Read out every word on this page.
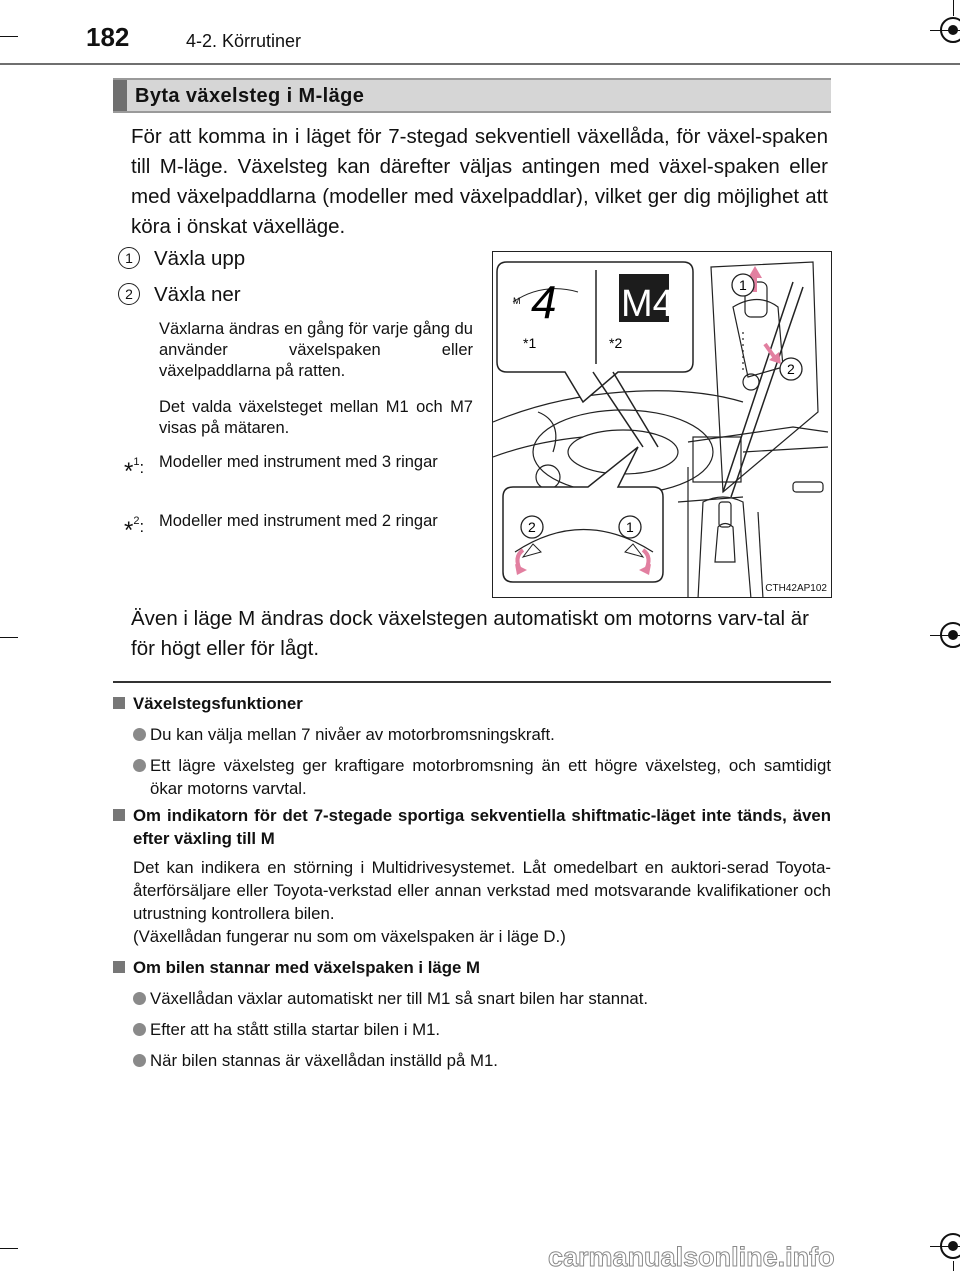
182	4-2. Körrutiner
Byta växelsteg i M-läge
För att komma in i läget för 7-stegad sekventiell växellåda, för växel-spaken till M-läge. Växelsteg kan därefter väljas antingen med växel-spaken eller med växelpaddlarna (modeller med växelpaddlar), vilket ger dig möjlighet att köra i önskat växelläge.
1 Växla upp
2 Växla ner
Växlarna ändras en gång för varje gång du använder växelspaken eller växelpaddlarna på ratten.
Det valda växelsteget mellan M1 och M7 visas på mätaren.
*$^1$: Modeller med instrument med 3 ringar
*$^2$: Modeller med instrument med 2 ringar
M 4
*1
M4
*2
1
2
2	1
CTH42AP102
Även i läge M ändras dock växelstegen automatiskt om motorns varv-tal är för högt eller för lågt.
Växelstegsfunktioner
Du kan välja mellan 7 nivåer av motorbromsningskraft.
Ett lägre växelsteg ger kraftigare motorbromsning än ett högre växelsteg, och samtidigt ökar motorns varvtal.
Om indikatorn för det 7-stegade sportiga sekventiella shiftmatic-läget inte tänds, även efter växling till M
Det kan indikera en störning i Multidrivesystemet. Låt omedelbart en auktori-serad Toyota-återförsäljare eller Toyota-verkstad eller annan verkstad med motsvarande kvalifikationer och utrustning kontrollera bilen.
(Växellådan fungerar nu som om växelspaken är i läge D.)
Om bilen stannar med växelspaken i läge M
Växellådan växlar automatiskt ner till M1 så snart bilen har stannat.
Efter att ha stått stilla startar bilen i M1.
När bilen stannas är växellådan inställd på M1.
carmanualsonline.info
